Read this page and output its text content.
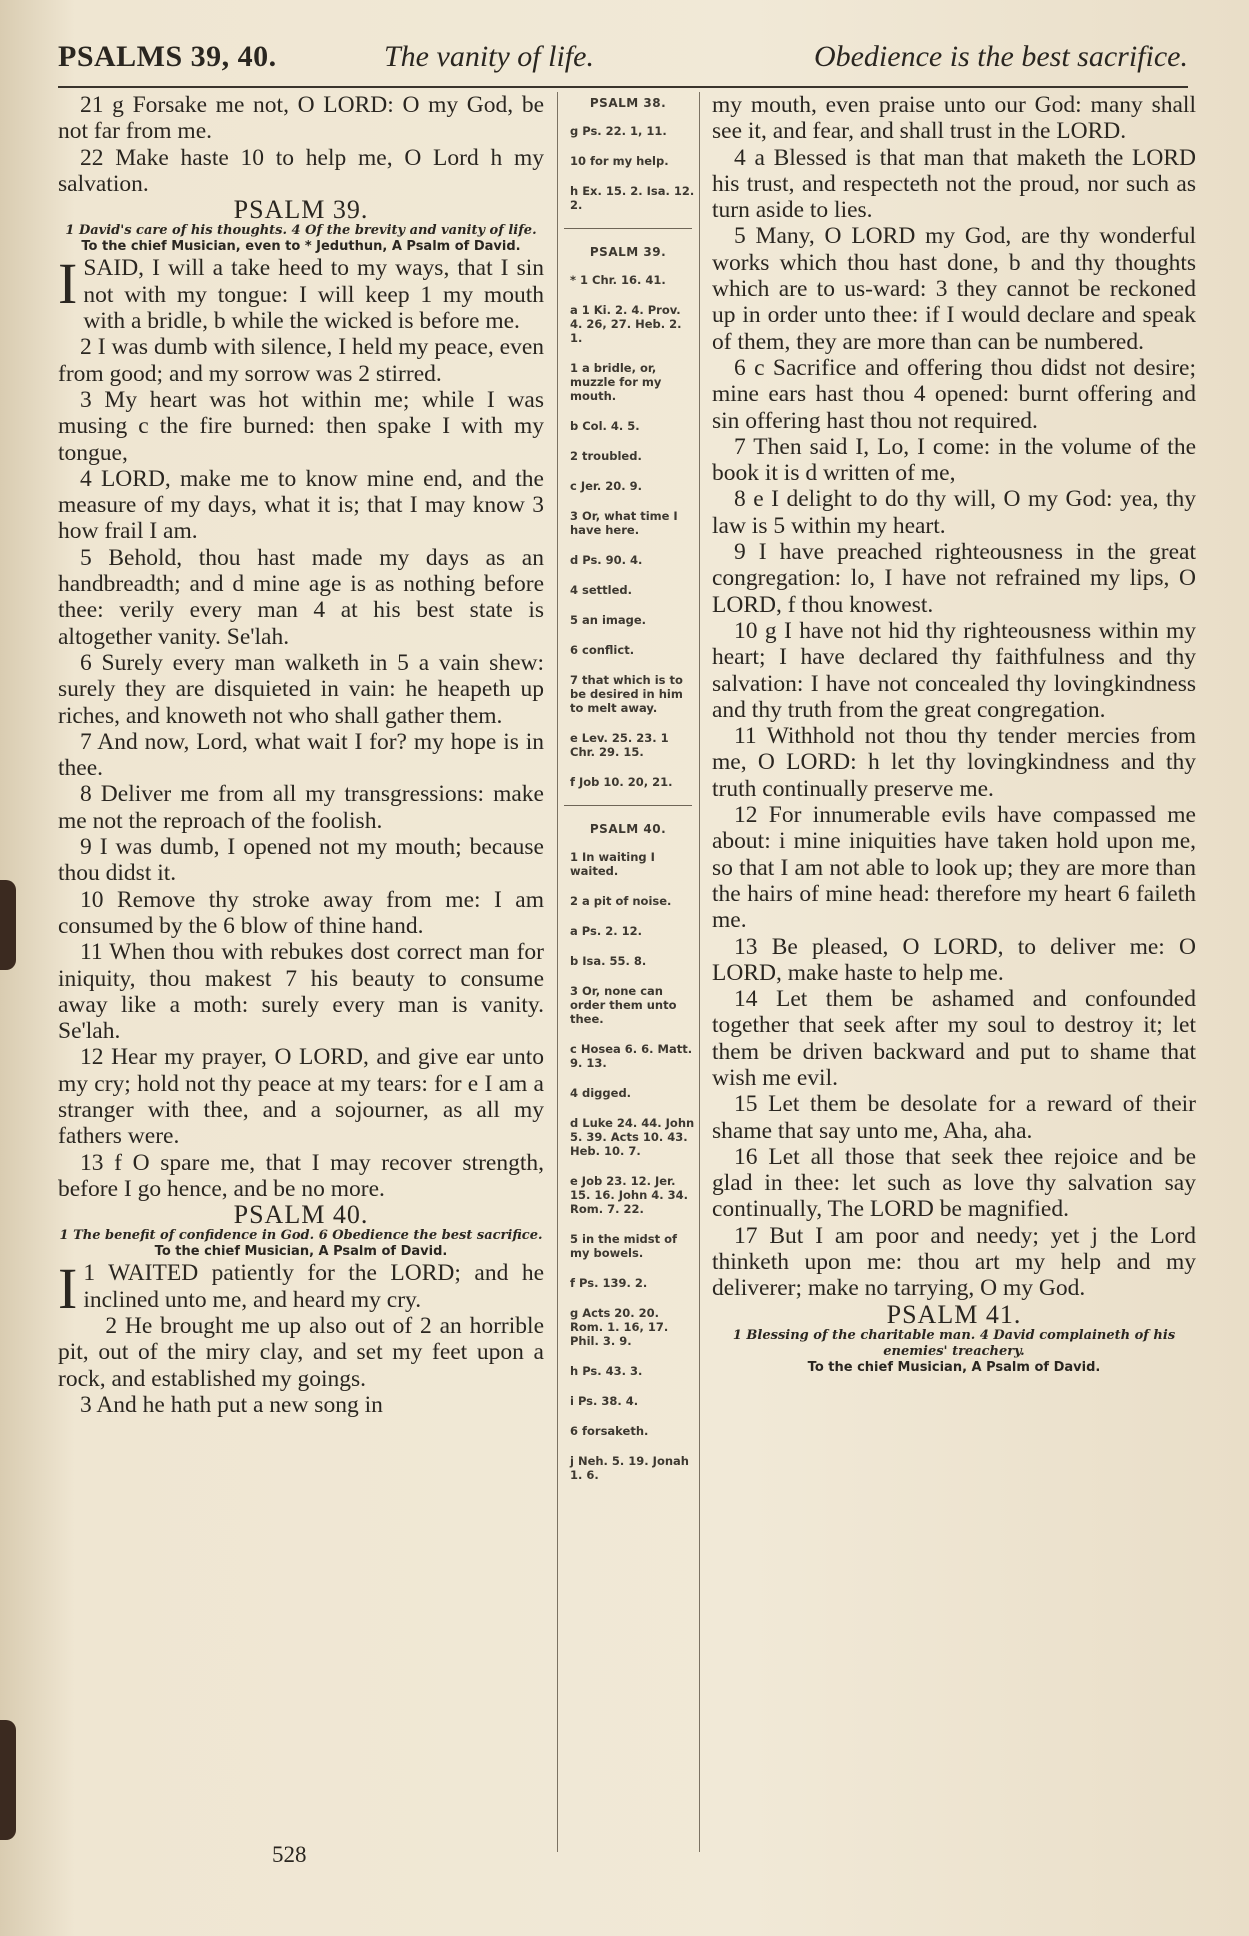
PSALMS 39, 40.	The vanity of life.	Obedience is the best sacrifice.

21 g Forsake me not, O LORD: O my God, be not far from me.

22 Make haste 10 to help me, O Lord h my salvation.

PSALM 39.

1 David's care of his thoughts. 4 Of the brevity and vanity of life.

To the chief Musician, even to * Jeduthun, A Psalm of David.

ISAID, I will a take heed to my ways, that I sin not with my tongue: I will keep 1 my mouth with a bridle, b while the wicked is before me.

2 I was dumb with silence, I held my peace, even from good; and my sorrow was 2 stirred.

3 My heart was hot within me; while I was musing c the fire burned: then spake I with my tongue,

4 LORD, make me to know mine end, and the measure of my days, what it is; that I may know 3 how frail I am.

5 Behold, thou hast made my days as an handbreadth; and d mine age is as nothing before thee: verily every man 4 at his best state is altogether vanity. Se'lah.

6 Surely every man walketh in 5 a vain shew: surely they are disquieted in vain: he heapeth up riches, and knoweth not who shall gather them.

7 And now, Lord, what wait I for? my hope is in thee.

8 Deliver me from all my transgressions: make me not the reproach of the foolish.

9 I was dumb, I opened not my mouth; because thou didst it.

10 Remove thy stroke away from me: I am consumed by the 6 blow of thine hand.

11 When thou with rebukes dost correct man for iniquity, thou makest 7 his beauty to consume away like a moth: surely every man is vanity. Se'lah.

12 Hear my prayer, O LORD, and give ear unto my cry; hold not thy peace at my tears: for e I am a stranger with thee, and a sojourner, as all my fathers were.

13 f O spare me, that I may recover strength, before I go hence, and be no more.

PSALM 40.

1 The benefit of confidence in God. 6 Obedience the best sacrifice.

To the chief Musician, A Psalm of David.

I 1 WAITED patiently for the LORD; and he inclined unto me, and heard my cry.

2 He brought me up also out of 2 an horrible pit, out of the miry clay, and set my feet upon a rock, and established my goings.

3 And he hath put a new song in

PSALM 38.
g Ps. 22. 1, 11.
10 for my help.
h Ex. 15. 2. Isa. 12. 2.
PSALM 39.
* 1 Chr. 16. 41.
a 1 Ki. 2. 4. Prov. 4. 26, 27. Heb. 2. 1.
1 a bridle, or, muzzle for my mouth.
b Col. 4. 5.
2 troubled.
c Jer. 20. 9.
3 Or, what time I have here.
d Ps. 90. 4.
4 settled.
5 an image.
6 conflict.
7 that which is to be desired in him to melt away.
e Lev. 25. 23. 1 Chr. 29. 15.
f Job 10. 20, 21.
PSALM 40.
1 In waiting I waited.
2 a pit of noise.
a Ps. 2. 12.
b Isa. 55. 8.
3 Or, none can order them unto thee.
c Hosea 6. 6. Matt. 9. 13.
4 digged.
d Luke 24. 44. John 5. 39. Acts 10. 43. Heb. 10. 7.
e Job 23. 12. Jer. 15. 16. John 4. 34. Rom. 7. 22.
5 in the midst of my bowels.
f Ps. 139. 2.
g Acts 20. 20. Rom. 1. 16, 17. Phil. 3. 9.
h Ps. 43. 3.
i Ps. 38. 4.
6 forsaketh.
j Neh. 5. 19. Jonah 1. 6.

my mouth, even praise unto our God: many shall see it, and fear, and shall trust in the LORD.

4 a Blessed is that man that maketh the LORD his trust, and respecteth not the proud, nor such as turn aside to lies.

5 Many, O LORD my God, are thy wonderful works which thou hast done, b and thy thoughts which are to us-ward: 3 they cannot be reckoned up in order unto thee: if I would declare and speak of them, they are more than can be numbered.

6 c Sacrifice and offering thou didst not desire; mine ears hast thou 4 opened: burnt offering and sin offering hast thou not required.

7 Then said I, Lo, I come: in the volume of the book it is d written of me,

8 e I delight to do thy will, O my God: yea, thy law is 5 within my heart.

9 I have preached righteousness in the great congregation: lo, I have not refrained my lips, O LORD, f thou knowest.

10 g I have not hid thy righteousness within my heart; I have declared thy faithfulness and thy salvation: I have not concealed thy lovingkindness and thy truth from the great congregation.

11 Withhold not thou thy tender mercies from me, O LORD: h let thy lovingkindness and thy truth continually preserve me.

12 For innumerable evils have compassed me about: i mine iniquities have taken hold upon me, so that I am not able to look up; they are more than the hairs of mine head: therefore my heart 6 faileth me.

13 Be pleased, O LORD, to deliver me: O LORD, make haste to help me.

14 Let them be ashamed and confounded together that seek after my soul to destroy it; let them be driven backward and put to shame that wish me evil.

15 Let them be desolate for a reward of their shame that say unto me, Aha, aha.

16 Let all those that seek thee rejoice and be glad in thee: let such as love thy salvation say continually, The LORD be magnified.

17 But I am poor and needy; yet j the Lord thinketh upon me: thou art my help and my deliverer; make no tarrying, O my God.

PSALM 41.

1 Blessing of the charitable man. 4 David complaineth of his enemies' treachery.

To the chief Musician, A Psalm of David.

528
